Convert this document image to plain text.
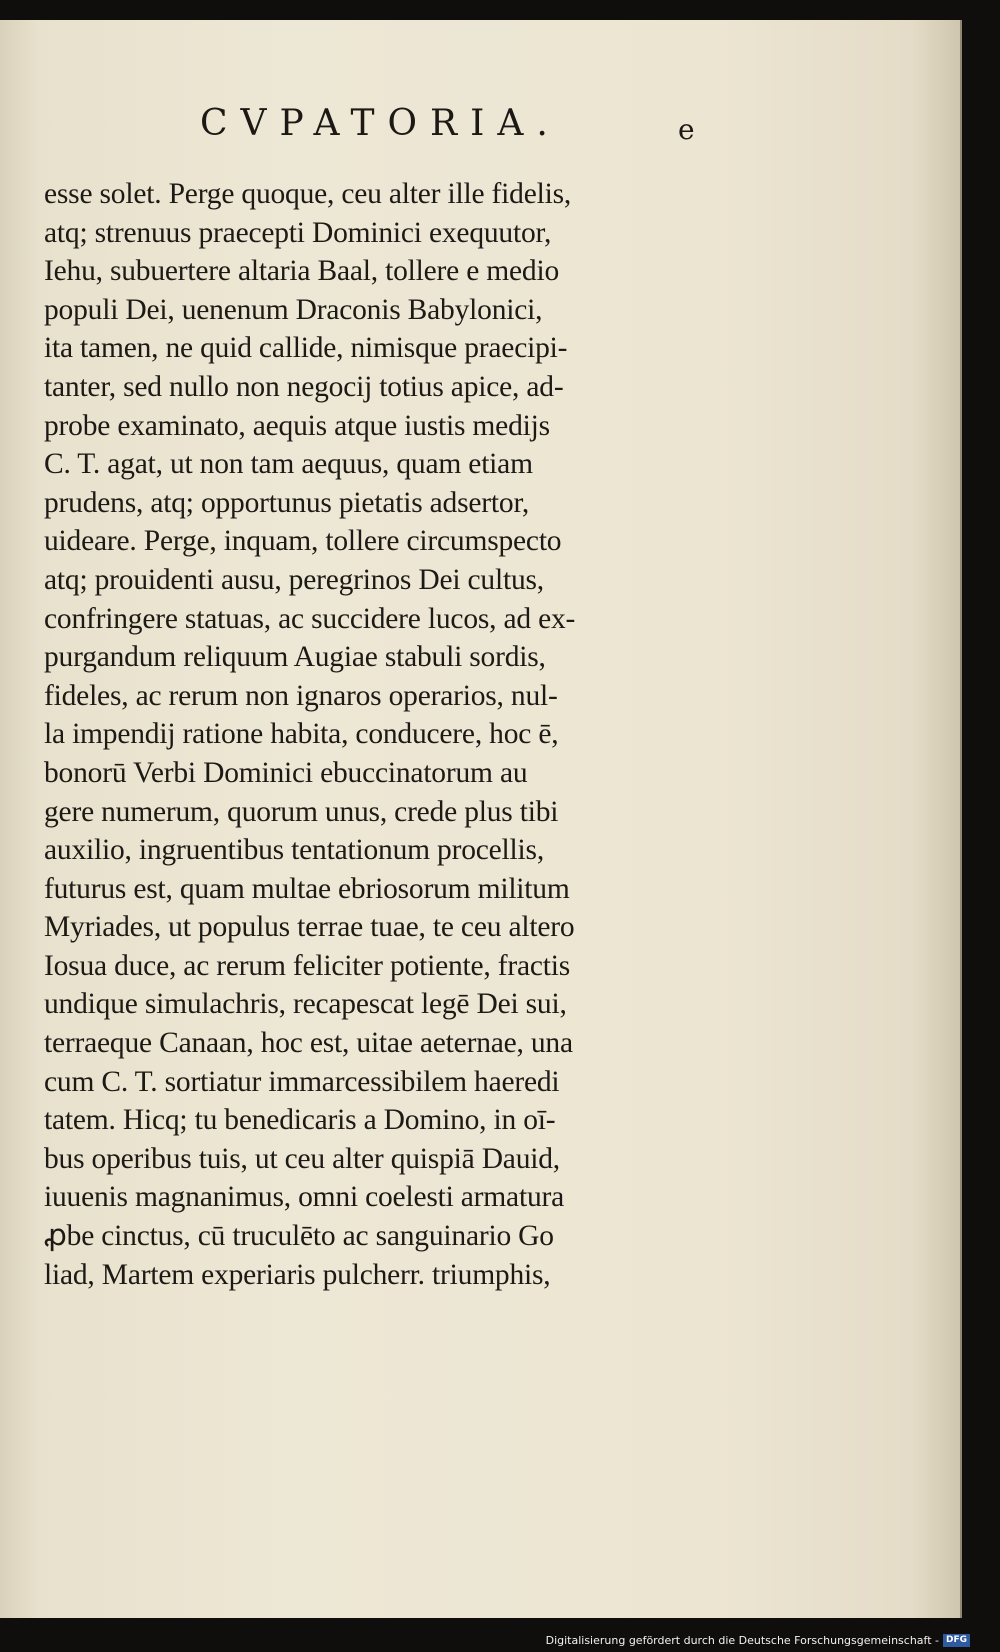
CVPATORIA.	e
esse solet. Perge quoque, ceu alter ille fidelis,
atq; strenuus praecepti Dominici exequutor,
Iehu, subuertere altaria Baal, tollere e medio
populi Dei, uenenum Draconis Babylonici,
ita tamen, ne quid callide, nimisque praecipi-
tanter, sed nullo non negocij totius apice, ad-
probe examinato, aequis atque iustis medijs
C. T. agat, ut non tam aequus, quam etiam
prudens, atq; opportunus pietatis adsertor,
uideare. Perge, inquam, tollere circumspecto
atq; prouidenti ausu, peregrinos Dei cultus,
confringere statuas, ac succidere lucos, ad ex-
purgandum reliquum Augiae stabuli sordis,
fideles, ac rerum non ignaros operarios, nul-
la impendij ratione habita, conducere, hoc ē,
bonorū Verbi Dominici ebuccinatorum au
gere numerum, quorum unus, crede plus tibi
auxilio, ingruentibus tentationum procellis,
futurus est, quam multae ebriosorum militum
Myriades, ut populus terrae tuae, te ceu altero
Iosua duce, ac rerum feliciter potiente, fractis
undique simulachris, recapescat legē Dei sui,
terraeque Canaan, hoc est, uitae aeternae, una
cum C. T. sortiatur immarcessibilem haeredi
tatem. Hicq; tu benedicaris a Domino, in oī-
bus operibus tuis, ut ceu alter quispiā Dauid,
iuuenis magnanimus, omni coelesti armatura
ꝓbe cinctus, cū truculēto ac sanguinario Go
liad, Martem experiaris pulcherr. triumphis,
Digitalisierung gefördert durch die Deutsche Forschungsgemeinschaft - DFG
